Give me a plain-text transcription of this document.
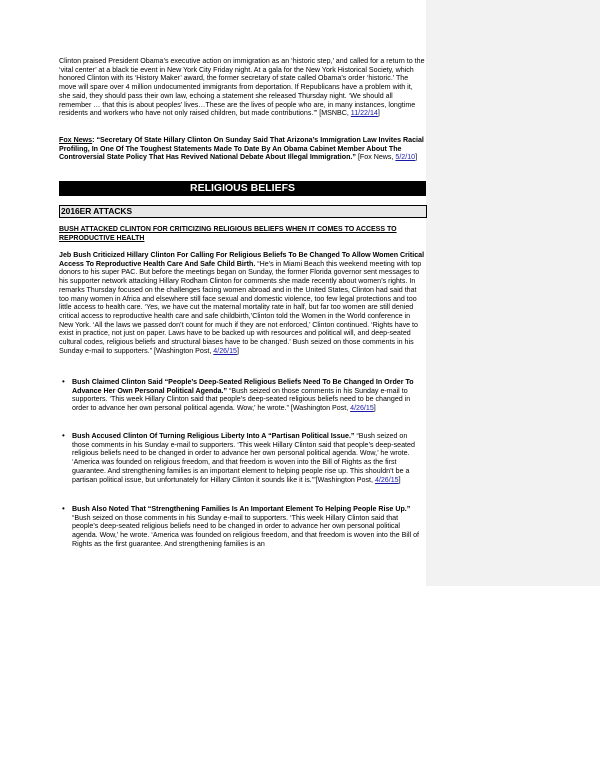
Clinton praised President Obama’s executive action on immigration as an ‘historic step,’ and called for a return to the ‘vital center’ at a black tie event in New York City Friday night. At a gala for the New York Historical Society, which honored Clinton with its ‘History Maker’ award, the former secretary of state called Obama’s order ‘historic.’ The move will spare over 4 million undocumented immigrants from deportation. If Republicans have a problem with it, she said, they should pass their own law, echoing a statement she released Thursday night. ‘We should all remember … that this is about peoples’ lives…These are the lives of people who are, in many instances, longtime residents and workers who have not only raised children, but made contributions.’” [MSNBC, 11/22/14]

Fox News: “Secretary Of State Hillary Clinton On Sunday Said That Arizona’s Immigration Law Invites Racial Profiling, In One Of The Toughest Statements Made To Date By An Obama Cabinet Member About The Controversial State Policy That Has Revived National Debate About Illegal Immigration.” [Fox News, 5/2/10]

RELIGIOUS BELIEFS
2016ER ATTACKS
BUSH ATTACKED CLINTON FOR CRITICIZING RELIGIOUS BELIEFS WHEN IT COMES TO ACCESS TO REPRODUCTIVE HEALTH
Jeb Bush Criticized Hillary Clinton For Calling For Religious Beliefs To Be Changed To Allow Women Critical Access To Reproductive Health Care And Safe Child Birth. “He’s in Miami Beach this weekend meeting with top donors to his super PAC. But before the meetings began on Sunday, the former Florida governor sent messages to his supporter network attacking Hillary Rodham Clinton for comments she made recently about women’s rights. In remarks Thursday focused on the challenges facing women abroad and in the United States, Clinton had said that too many women in Africa and elsewhere still face sexual and domestic violence, too few legal protections and too little access to health care. ‘Yes, we have cut the maternal mortality rate in half, but far too women are still denied critical access to reproductive health care and safe childbirth,’Clinton told the Women in the World conference in New York. ‘All the laws we passed don’t count for much if they are not enforced,’ Clinton continued. ‘Rights have to exist in practice, not just on paper. Laws have to be backed up with resources and political will, and deep-seated cultural codes, religious beliefs and structural biases have to be changed.’ Bush seized on those comments in his Sunday e-mail to supporters.” [Washington Post, 4/26/15]
• Bush Claimed Clinton Said “People’s Deep-Seated Religious Beliefs Need To Be Changed In Order To Advance Her Own Personal Political Agenda.” “Bush seized on those comments in his Sunday e-mail to supporters. ‘This week Hillary Clinton said that people’s deep-seated religious beliefs need to be changed in order to advance her own personal political agenda. Wow,’ he wrote.” [Washington Post, 4/26/15]
• Bush Accused Clinton Of Turning Religious Liberty Into A “Partisan Political Issue.” “Bush seized on those comments in his Sunday e-mail to supporters. ‘This week Hillary Clinton said that people’s deep-seated religious beliefs need to be changed in order to advance her own personal political agenda. Wow,’ he wrote. ‘America was founded on religious freedom, and that freedom is woven into the Bill of Rights as the first guarantee. And strengthening families is an important element to helping people rise up. This shouldn’t be a partisan political issue, but unfortunately for Hillary Clinton it sounds like it is.’”[Washington Post, 4/26/15]
• Bush Also Noted That “Strengthening Families Is An Important Element To Helping People Rise Up.” “Bush seized on those comments in his Sunday e-mail to supporters. ‘This week Hillary Clinton said that people’s deep-seated religious beliefs need to be changed in order to advance her own personal political agenda. Wow,’ he wrote. ‘America was founded on religious freedom, and that freedom is woven into the Bill of Rights as the first guarantee. And strengthening families is an
